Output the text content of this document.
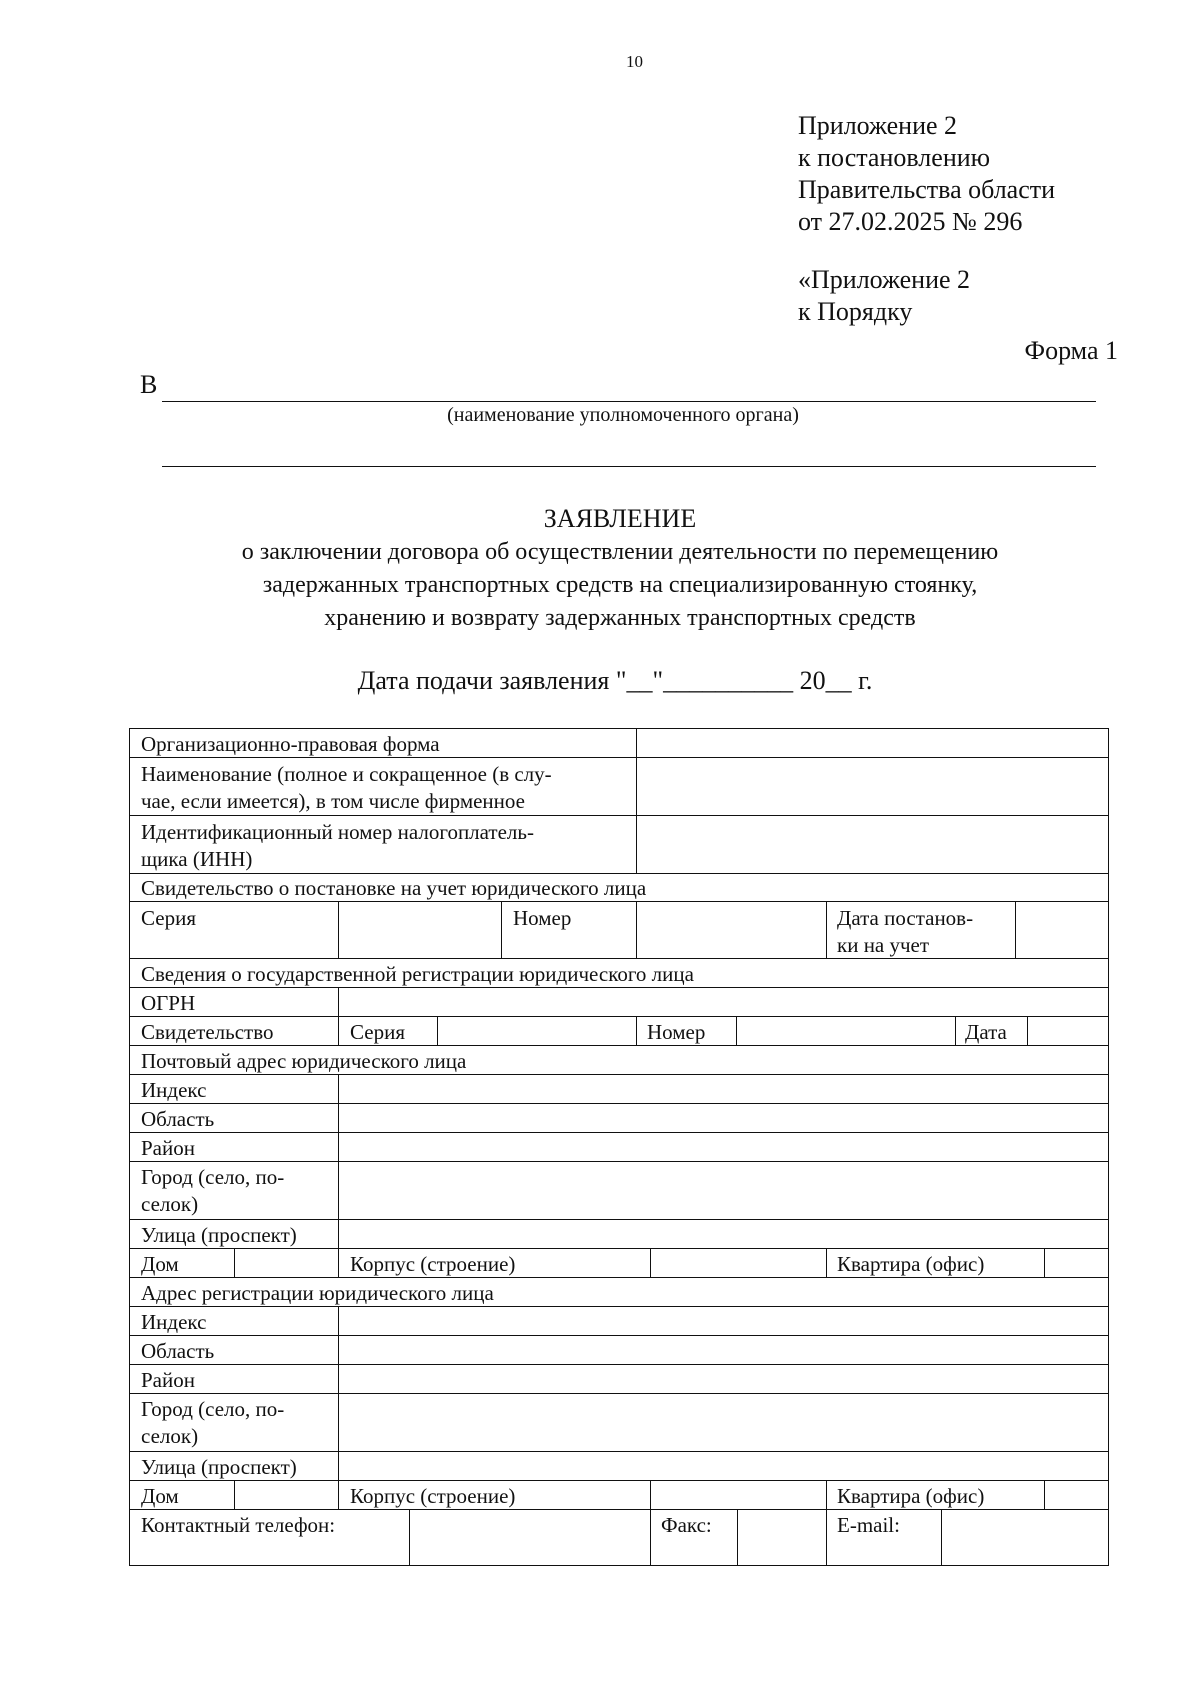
10
Приложение 2
к постановлению
Правительства области
от 27.02.2025 № 296
«Приложение 2
к Порядку
Форма 1
В
(наименование уполномоченного органа)
ЗАЯВЛЕНИЕ
о заключении договора об осуществлении деятельности по перемещению
задержанных транспортных средств на специализированную стоянку,
хранению и возврату задержанных транспортных средств
Дата подачи заявления "__"__________ 20__ г.
Организационно-правовая форма
Наименование (полное и сокращенное (в слу-
чае, если имеется), в том числе фирменное
Идентификационный номер налогоплатель-
щика (ИНН)
Свидетельство о постановке на учет юридического лица
Серия	Номер	Дата постанов-
ки на учет
Сведения о государственной регистрации юридического лица
ОГРН
Свидетельство	Серия	Номер	Дата
Почтовый адрес юридического лица
Индекс
Область
Район
Город (село, по-
селок)
Улица (проспект)
Дом	Корпус (строение)	Квартира (офис)
Адрес регистрации юридического лица
Индекс
Область
Район
Город (село, по-
селок)
Улица (проспект)
Дом	Корпус (строение)	Квартира (офис)
Контактный телефон:	Факс:	E-mail:
